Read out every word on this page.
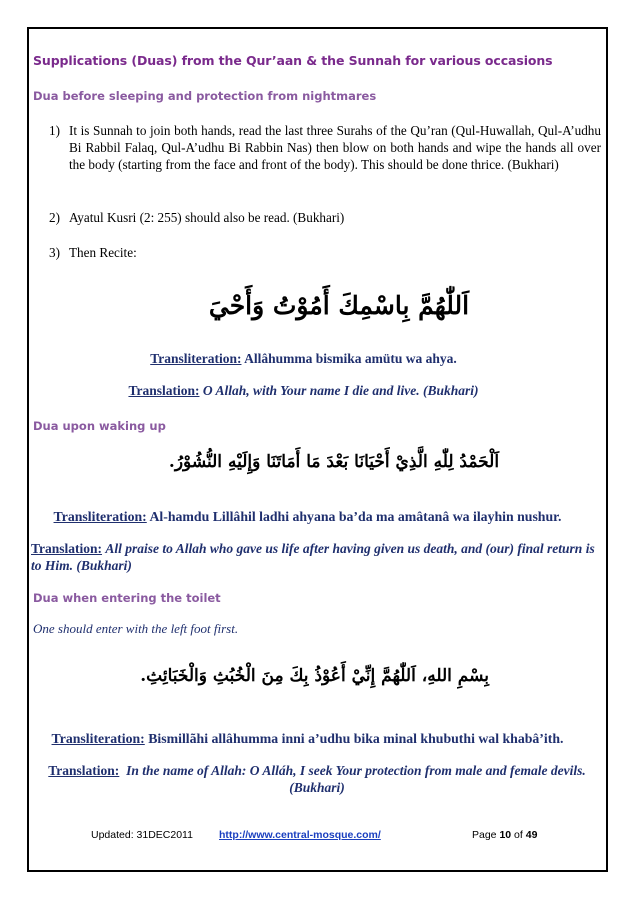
Supplications (Duas) from the Qur’aan & the Sunnah for various occasions
Dua before sleeping and protection from nightmares
1) It is Sunnah to join both hands, read the last three Surahs of the Qu’ran (Qul-Huwallah, Qul-A’udhu Bi Rabbil Falaq, Qul-A’udhu Bi Rabbin Nas) then blow on both hands and wipe the hands all over the body (starting from the face and front of the body). This should be done thrice. (Bukhari)
2) Ayatul Kusri (2: 255) should also be read. (Bukhari)
3) Then Recite:
اَللّٰهُمَّ بِاسْمِكَ أَمُوْتُ وَأَحْيَ
Transliteration: Allâhumma bismika amütu wa ahya.
Translation: O Allah, with Your name I die and live. (Bukhari)
Dua upon waking up
اَلْحَمْدُ لِلّٰهِ الَّذِيْ أَحْيَانَا بَعْدَ مَا أَمَاتَنَا وَإِلَيْهِ النُّشُوْرُ.
Transliteration: Al-hamdu Lillâhil ladhi ahyana ba’da ma amâtanâ wa ilayhin nushur.
Translation: All praise to Allah who gave us life after having given us death, and (our) final return is to Him. (Bukhari)
Dua when entering the toilet
One should enter with the left foot first.
بِسْمِ اللهِ، اَللّٰهُمَّ إِنِّيْ أَعُوْذُ بِكَ مِنَ الْخُبُثِ وَالْخَبَائِثِ.
Transliteration: Bismillãhi allâhumma inni a’udhu bika minal khubuthi wal khabâ’ith.
Translation: In the name of Allah: O Alláh, I seek Your protection from male and female devils. (Bukhari)
Updated: 31DEC2011 http://www.central-mosque.com/	Page 10 of 49
